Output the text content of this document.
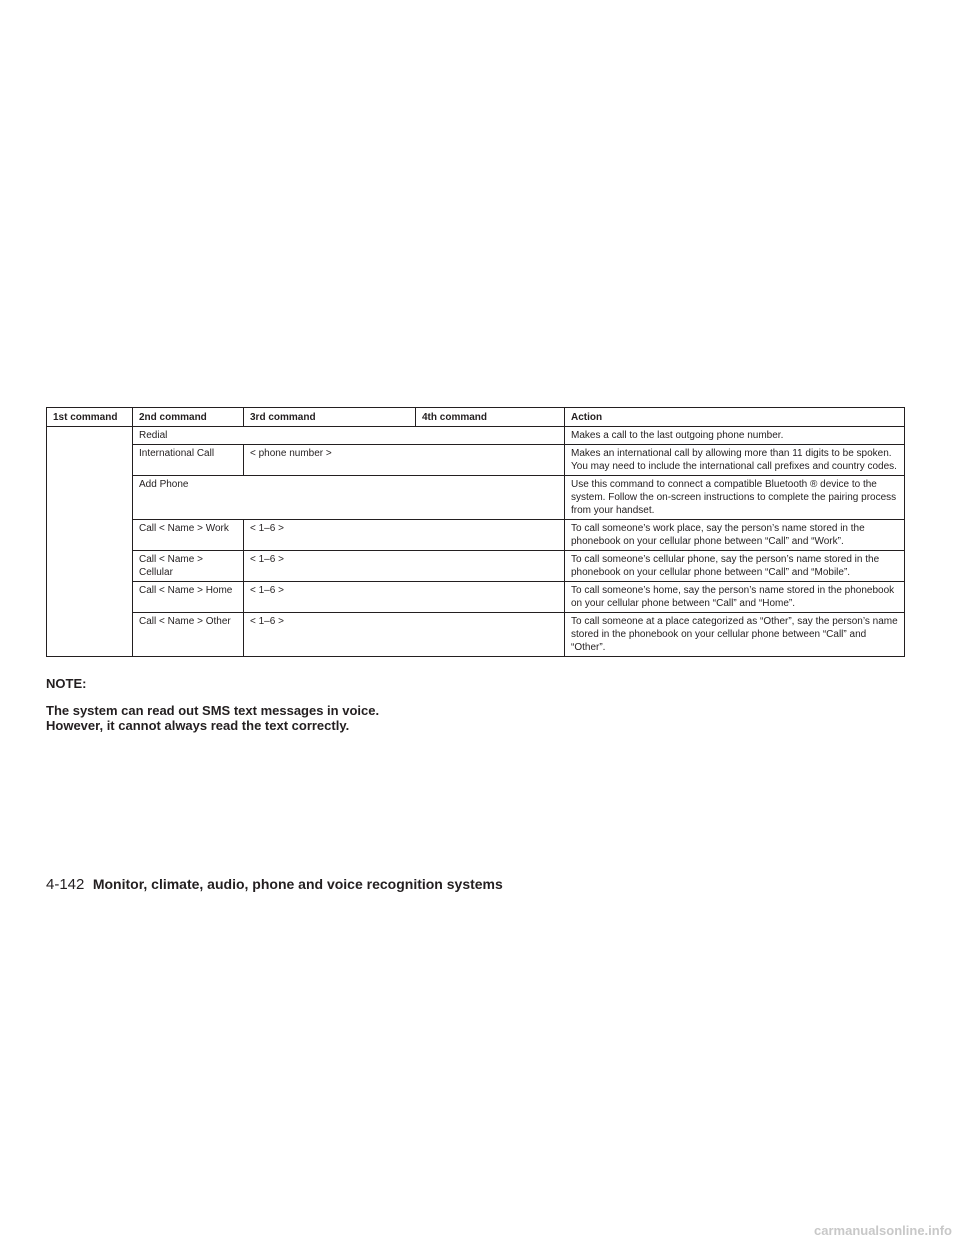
1st command	2nd command	3rd command	4th command	Action
	Redial			Makes a call to the last outgoing phone number.
	International Call	< phone number >		Makes an international call by allowing more than 11 digits to be spoken. You may need to include the international call prefixes and country codes.
	Add Phone			Use this command to connect a compatible Bluetooth ® device to the system. Follow the on-screen instructions to complete the pairing process from your handset.
	Call < Name > Work	< 1–6 >		To call someone’s work place, say the person’s name stored in the phonebook on your cellular phone between “Call” and “Work”.
	Call < Name > Cellular	< 1–6 >		To call someone’s cellular phone, say the person’s name stored in the phonebook on your cellular phone between “Call” and “Mobile”.
	Call < Name > Home	< 1–6 >		To call someone’s home, say the person’s name stored in the phonebook on your cellular phone between “Call” and “Home”.
	Call < Name > Other	< 1–6 >		To call someone at a place categorized as “Other”, say the person’s name stored in the phonebook on your cellular phone between “Call” and “Other”.
NOTE:

The system can read out SMS text messages in voice.
However, it cannot always read the text correctly.

4-142 Monitor, climate, audio, phone and voice recognition systems
carmanualsonline.info
